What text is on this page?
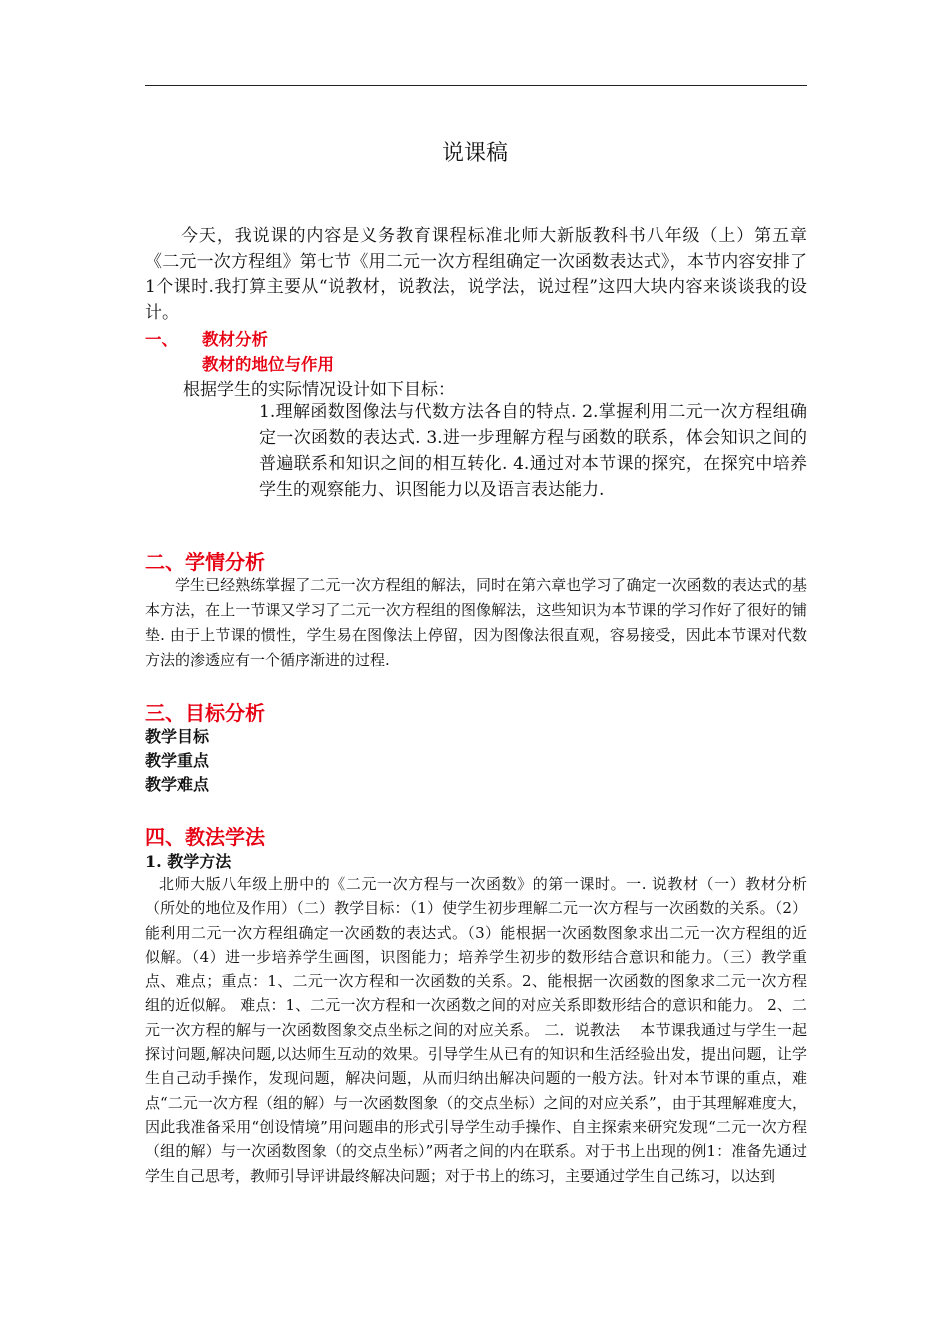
说课稿
今天，我说课的内容是义务教育课程标准北师大新版教科书八年级（上）第五章《二元一次方程组》第七节《用二元一次方程组确定一次函数表达式》，本节内容安排了1个课时.我打算主要从“说教材，说教法，说学法，说过程”这四大块内容来谈谈我的设计。
一、 教材分析
教材的地位与作用
根据学生的实际情况设计如下目标：
1.理解函数图像法与代数方法各自的特点. 2.掌握利用二元一次方程组确定一次函数的表达式. 3.进一步理解方程与函数的联系，体会知识之间的普遍联系和知识之间的相互转化. 4.通过对本节课的探究，在探究中培养学生的观察能力、识图能力以及语言表达能力.
二、学情分析
学生已经熟练掌握了二元一次方程组的解法，同时在第六章也学习了确定一次函数的表达式的基本方法，在上一节课又学习了二元一次方程组的图像解法，这些知识为本节课的学习作好了很好的铺垫. 由于上节课的惯性，学生易在图像法上停留，因为图像法很直观，容易接受，因此本节课对代数方法的渗透应有一个循序渐进的过程.
三、目标分析
教学目标
教学重点
教学难点
四、教法学法
1. 教学方法
北师大版八年级上册中的《二元一次方程与一次函数》的第一课时。一. 说教材（一）教材分析（所处的地位及作用）（二）教学目标：（1）使学生初步理解二元一次方程与一次函数的关系。（2）能利用二元一次方程组确定一次函数的表达式。（3）能根据一次函数图象求出二元一次方程组的近似解。（4）进一步培养学生画图，识图能力；培养学生初步的数形结合意识和能力。（三）教学重点、难点；重点：1、二元一次方程和一次函数的关系。2、能根据一次函数的图象求二元一次方程组的近似解。 难点：1、二元一次方程和一次函数之间的对应关系即数形结合的意识和能力。 2、二元一次方程的解与一次函数图象交点坐标之间的对应关系。 二．说教法　 本节课我通过与学生一起探讨问题,解决问题,以达师生互动的效果。引导学生从已有的知识和生活经验出发，提出问题，让学生自己动手操作，发现问题，解决问题，从而归纳出解决问题的一般方法。针对本节课的重点，难点“二元一次方程（组的解）与一次函数图象（的交点坐标）之间的对应关系”，由于其理解难度大，因此我准备采用“创设情境”用问题串的形式引导学生动手操作、自主探索来研究发现“二元一次方程（组的解）与一次函数图象（的交点坐标）”两者之间的内在联系。对于书上出现的例1：准备先通过学生自己思考，教师引导评讲最终解决问题；对于书上的练习，主要通过学生自己练习，以达到
